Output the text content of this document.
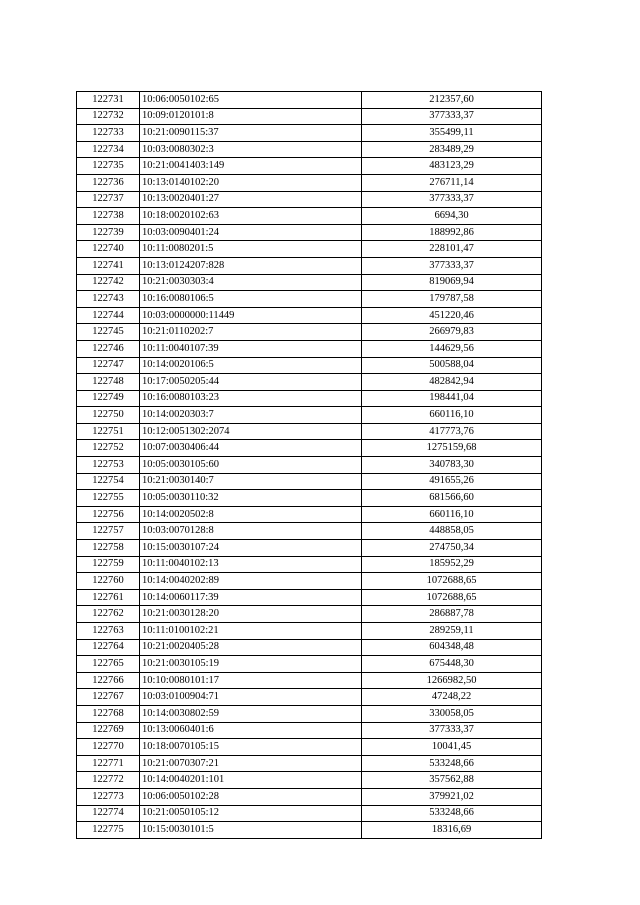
122731	10:06:0050102:65	212357,60
122732	10:09:0120101:8	377333,37
122733	10:21:0090115:37	355499,11
122734	10:03:0080302:3	283489,29
122735	10:21:0041403:149	483123,29
122736	10:13:0140102:20	276711,14
122737	10:13:0020401:27	377333,37
122738	10:18:0020102:63	6694,30
122739	10:03:0090401:24	188992,86
122740	10:11:0080201:5	228101,47
122741	10:13:0124207:828	377333,37
122742	10:21:0030303:4	819069,94
122743	10:16:0080106:5	179787,58
122744	10:03:0000000:11449	451220,46
122745	10:21:0110202:7	266979,83
122746	10:11:0040107:39	144629,56
122747	10:14:0020106:5	500588,04
122748	10:17:0050205:44	482842,94
122749	10:16:0080103:23	198441,04
122750	10:14:0020303:7	660116,10
122751	10:12:0051302:2074	417773,76
122752	10:07:0030406:44	1275159,68
122753	10:05:0030105:60	340783,30
122754	10:21:0030140:7	491655,26
122755	10:05:0030110:32	681566,60
122756	10:14:0020502:8	660116,10
122757	10:03:0070128:8	448858,05
122758	10:15:0030107:24	274750,34
122759	10:11:0040102:13	185952,29
122760	10:14:0040202:89	1072688,65
122761	10:14:0060117:39	1072688,65
122762	10:21:0030128:20	286887,78
122763	10:11:0100102:21	289259,11
122764	10:21:0020405:28	604348,48
122765	10:21:0030105:19	675448,30
122766	10:10:0080101:17	1266982,50
122767	10:03:0100904:71	47248,22
122768	10:14:0030802:59	330058,05
122769	10:13:0060401:6	377333,37
122770	10:18:0070105:15	10041,45
122771	10:21:0070307:21	533248,66
122772	10:14:0040201:101	357562,88
122773	10:06:0050102:28	379921,02
122774	10:21:0050105:12	533248,66
122775	10:15:0030101:5	18316,69
